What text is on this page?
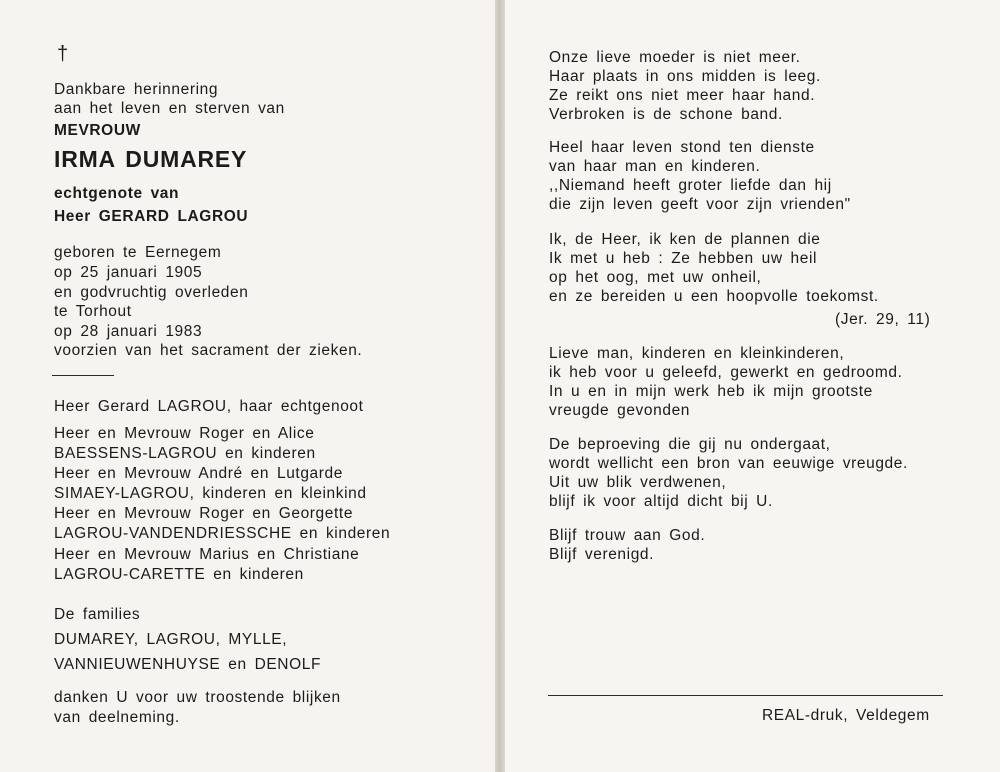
†
Dankbare herinnering
aan het leven en sterven van
MEVROUW
IRMA DUMAREY
echtgenote van
Heer GERARD LAGROU
geboren te Eernegem
op 25 januari 1905
en godvruchtig overleden
te Torhout
op 28 januari 1983
voorzien van het sacrament der zieken.
Heer Gerard LAGROU, haar echtgenoot
Heer en Mevrouw Roger en Alice
BAESSENS-LAGROU en kinderen
Heer en Mevrouw André en Lutgarde
SIMAEY-LAGROU, kinderen en kleinkind
Heer en Mevrouw Roger en Georgette
LAGROU-VANDENDRIESSCHE en kinderen
Heer en Mevrouw Marius en Christiane
LAGROU-CARETTE en kinderen
De families
DUMAREY, LAGROU, MYLLE,
VANNIEUWENHUYSE en DENOLF
danken U voor uw troostende blijken
van deelneming.
Onze lieve moeder is niet meer.
Haar plaats in ons midden is leeg.
Ze reikt ons niet meer haar hand.
Verbroken is de schone band.
Heel haar leven stond ten dienste
van haar man en kinderen.
,,Niemand heeft groter liefde dan hij
die zijn leven geeft voor zijn vrienden"
Ik, de Heer, ik ken de plannen die
Ik met u heb : Ze hebben uw heil
op het oog, met uw onheil,
en ze bereiden u een hoopvolle toekomst.
(Jer. 29, 11)
Lieve man, kinderen en kleinkinderen,
ik heb voor u geleefd, gewerkt en gedroomd.
In u en in mijn werk heb ik mijn grootste
vreugde gevonden
De beproeving die gij nu ondergaat,
wordt wellicht een bron van eeuwige vreugde.
Uit uw blik verdwenen,
blijf ik voor altijd dicht bij U.
Blijf trouw aan God.
Blijf verenigd.
REAL-druk, Veldegem
